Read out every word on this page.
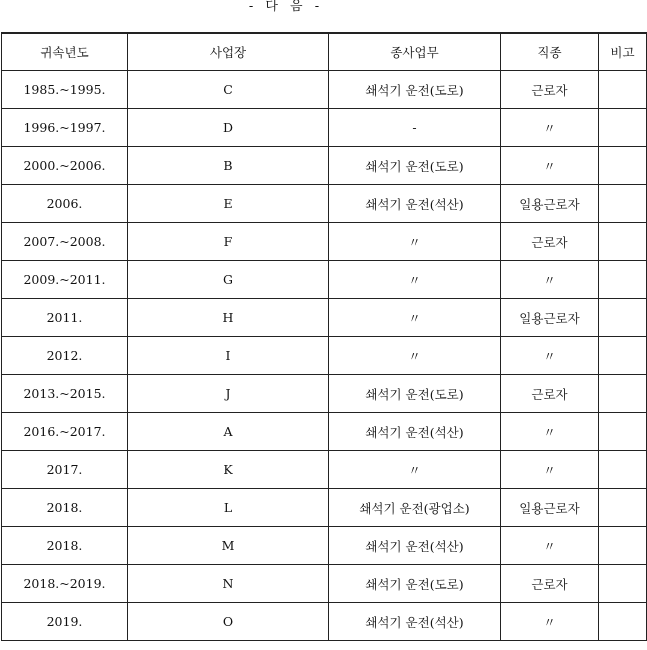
- 다 음 -
귀속년도	사업장	종사업무	직종	비고
1985.~1995.	C	쇄석기 운전(도로)	근로자	
1996.~1997.	D	-	〃	
2000.~2006.	B	쇄석기 운전(도로)	〃	
2006.	E	쇄석기 운전(석산)	일용근로자	
2007.~2008.	F	〃	근로자	
2009.~2011.	G	〃	〃	
2011.	H	〃	일용근로자	
2012.	I	〃	〃	
2013.~2015.	J	쇄석기 운전(도로)	근로자	
2016.~2017.	A	쇄석기 운전(석산)	〃	
2017.	K	〃	〃	
2018.	L	쇄석기 운전(광업소)	일용근로자	
2018.	M	쇄석기 운전(석산)	〃	
2018.~2019.	N	쇄석기 운전(도로)	근로자	
2019.	O	쇄석기 운전(석산)	〃	
